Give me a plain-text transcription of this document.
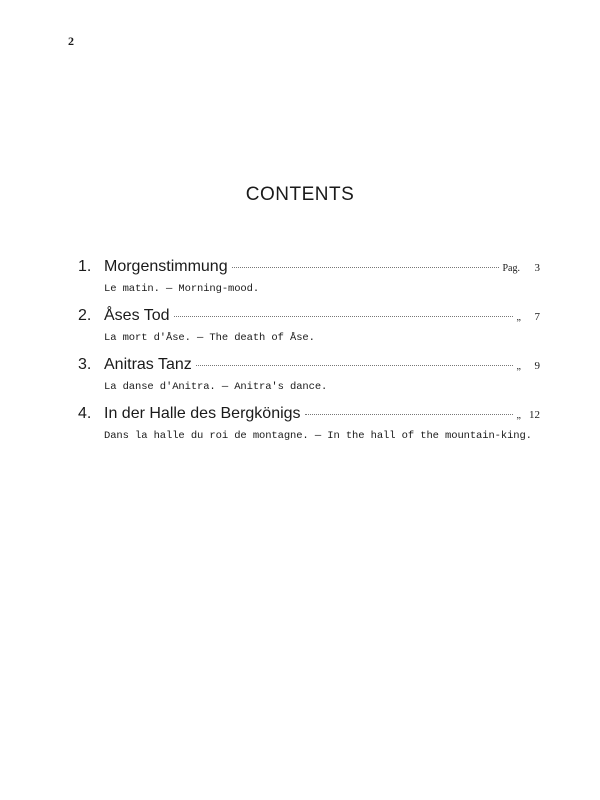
2
CONTENTS
1. Morgenstimmung	Pag.	3
Le matin. — Morning-mood.
2. Åses Tod	„	7
La mort d'Åse. — The death of Åse.
3. Anitras Tanz	„	9
La danse d'Anitra. — Anitra's dance.
4. In der Halle des Bergkönigs	„ 12
Dans la halle du roi de montagne. — In the hall of the mountain-king.
